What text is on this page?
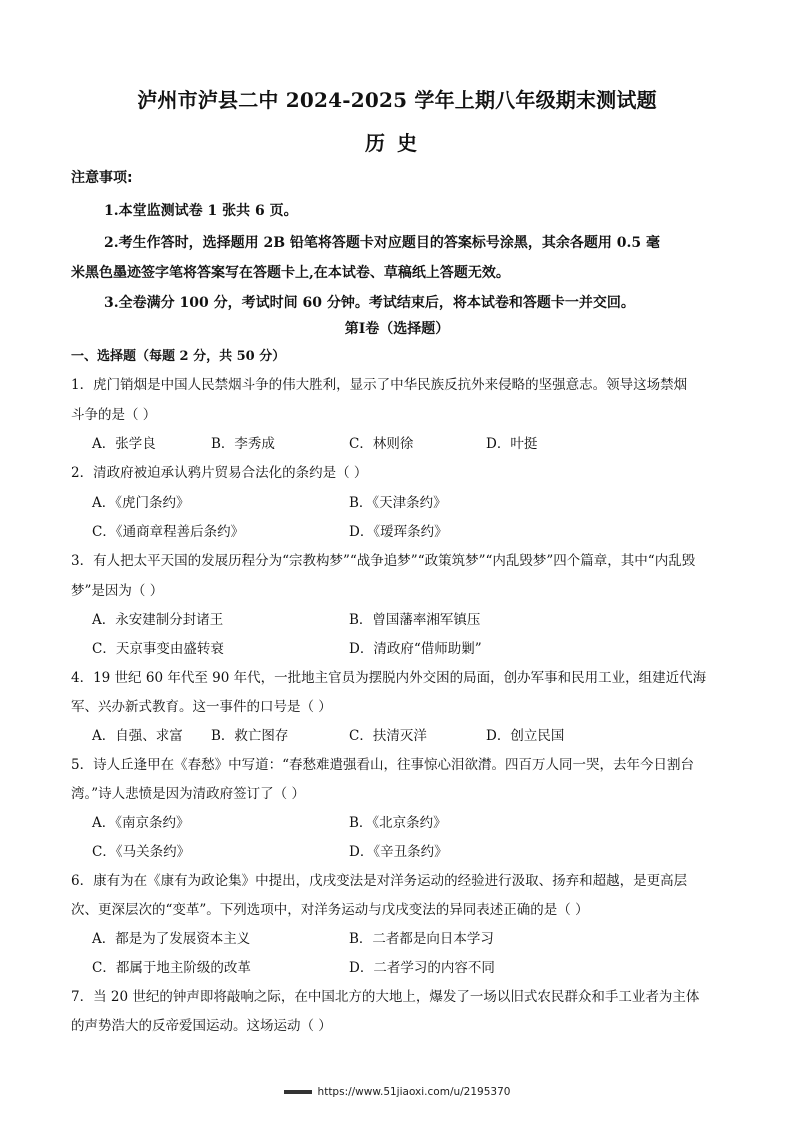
泸州市泸县二中 2024-2025 学年上期八年级期末测试题
历史
注意事项:
1.本堂监测试卷 1 张共 6 页。
2.考生作答时，选择题用 2B 铅笔将答题卡对应题目的答案标号涂黑，其余各题用 0.5 毫
米黑色墨迹签字笔将答案写在答题卡上,在本试卷、草稿纸上答题无效。
3.全卷满分 100 分，考试时间 60 分钟。考试结束后，将本试卷和答题卡一并交回。
第Ⅰ卷（选择题）
一、选择题（每题 2 分，共 50 分）
1．虎门销烟是中国人民禁烟斗争的伟大胜利，显示了中华民族反抗外来侵略的坚强意志。领导这场禁烟
斗争的是（ ）
A．张学良	B．李秀成	C．林则徐	D．叶挺
2．清政府被迫承认鸦片贸易合法化的条约是（ ）
A．《虎门条约》	B．《天津条约》
C．《通商章程善后条约》	D．《瑷珲条约》
3．有人把太平天国的发展历程分为“宗教构梦”“战争追梦”“政策筑梦”“内乱毁梦”四个篇章，其中“内乱毁
梦”是因为（ ）
A．永安建制分封诸王	B．曾国藩率湘军镇压
C．天京事变由盛转衰	D．清政府“借师助剿”
4．19 世纪 60 年代至 90 年代，一批地主官员为摆脱内外交困的局面，创办军事和民用工业，组建近代海
军、兴办新式教育。这一事件的口号是（ ）
A．自强、求富 B．救亡图存	C．扶清灭洋	D．创立民国
5．诗人丘逢甲在《春愁》中写道：“春愁难遣强看山，往事惊心泪欲潸。四百万人同一哭，去年今日割台
湾。”诗人悲愤是因为清政府签订了（ ）
A．《南京条约》	B．《北京条约》
C．《马关条约》	D．《辛丑条约》
6．康有为在《康有为政论集》中提出，戊戌变法是对洋务运动的经验进行汲取、扬弃和超越，是更高层
次、更深层次的“变革”。下列选项中，对洋务运动与戊戌变法的异同表述正确的是（ ）
A．都是为了发展资本主义	B．二者都是向日本学习
C．都属于地主阶级的改革	D．二者学习的内容不同
7．当 20 世纪的钟声即将敲响之际，在中国北方的大地上，爆发了一场以旧式农民群众和手工业者为主体
的声势浩大的反帝爱国运动。这场运动（ ）
https://www.51jiaoxi.com/u/2195370
